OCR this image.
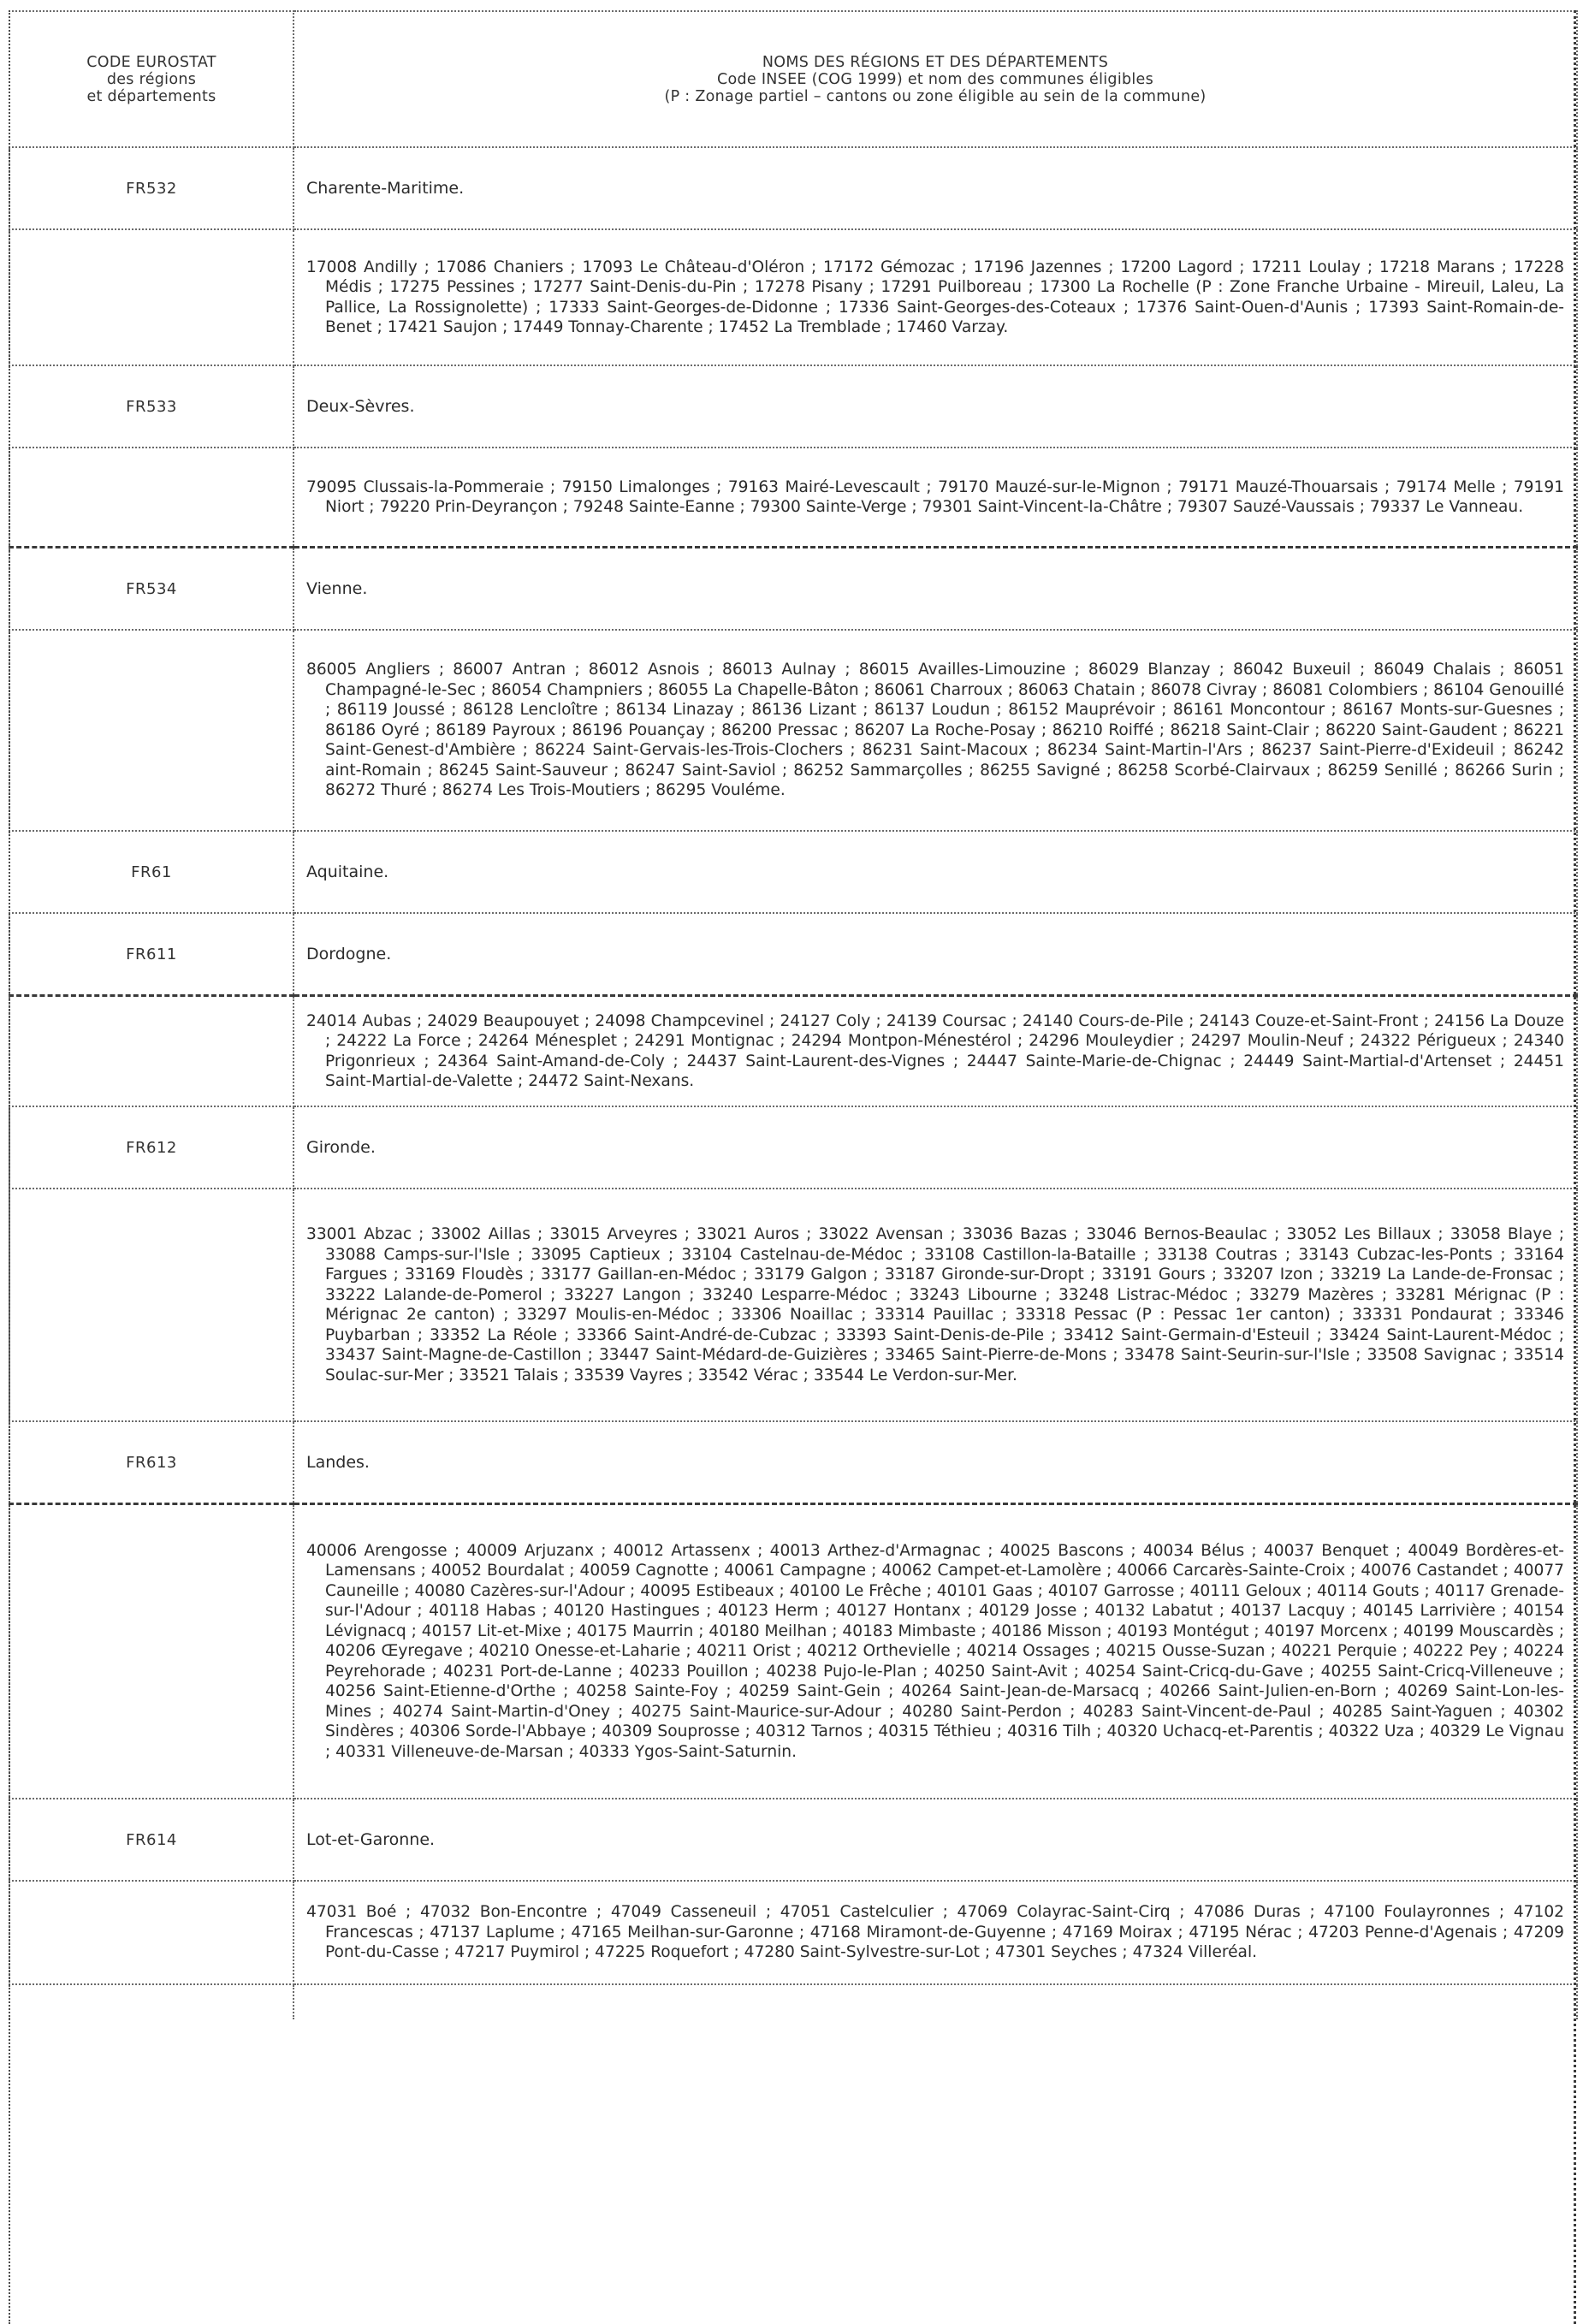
CODE EUROSTAT
des régions
et départements	NOMS DES RÉGIONS ET DES DÉPARTEMENTS
Code INSEE (COG 1999) et nom des communes éligibles
(P : Zonage partiel – cantons ou zone éligible au sein de la commune)

FR532	Charente-Maritime.

	17008 Andilly ; 17086 Chaniers ; 17093 Le Château-d'Oléron ; 17172 Gémozac ; 17196 Jazennes ; 17200 Lagord ; 17211 Loulay ; 17218 Marans ; 17228 Médis ; 17275 Pessines ; 17277 Saint-Denis-du-Pin ; 17278 Pisany ; 17291 Puilboreau ; 17300 La Rochelle (P : Zone Franche Urbaine - Mireuil, Laleu, La Pallice, La Rossignolette) ; 17333 Saint-Georges-de-Didonne ; 17336 Saint-Georges-des-Coteaux ; 17376 Saint-Ouen-d'Aunis ; 17393 Saint-Romain-de-Benet ; 17421 Saujon ; 17449 Tonnay-Charente ; 17452 La Tremblade ; 17460 Varzay.

FR533	Deux-Sèvres.

	79095 Clussais-la-Pommeraie ; 79150 Limalonges ; 79163 Mairé-Levescault ; 79170 Mauzé-sur-le-Mignon ; 79171 Mauzé-Thouarsais ; 79174 Melle ; 79191 Niort ; 79220 Prin-Deyrançon ; 79248 Sainte-Eanne ; 79300 Sainte-Verge ; 79301 Saint-Vincent-la-Châtre ; 79307 Sauzé-Vaussais ; 79337 Le Vanneau.

FR534	Vienne.

	86005 Angliers ; 86007 Antran ; 86012 Asnois ; 86013 Aulnay ; 86015 Availles-Limouzine ; 86029 Blanzay ; 86042 Buxeuil ; 86049 Chalais ; 86051 Champagné-le-Sec ; 86054 Champniers ; 86055 La Chapelle-Bâton ; 86061 Charroux ; 86063 Chatain ; 86078 Civray ; 86081 Colombiers ; 86104 Genouillé ; 86119 Joussé ; 86128 Lencloître ; 86134 Linazay ; 86136 Lizant ; 86137 Loudun ; 86152 Mauprévoir ; 86161 Moncontour ; 86167 Monts-sur-Guesnes ; 86186 Oyré ; 86189 Payroux ; 86196 Pouançay ; 86200 Pressac ; 86207 La Roche-Posay ; 86210 Roiffé ; 86218 Saint-Clair ; 86220 Saint-Gaudent ; 86221 Saint-Genest-d'Ambière ; 86224 Saint-Gervais-les-Trois-Clochers ; 86231 Saint-Macoux ; 86234 Saint-Martin-l'Ars ; 86237 Saint-Pierre-d'Exideuil ; 86242 aint-Romain ; 86245 Saint-Sauveur ; 86247 Saint-Saviol ; 86252 Sammarçolles ; 86255 Savigné ; 86258 Scorbé-Clairvaux ; 86259 Senillé ; 86266 Surin ; 86272 Thuré ; 86274 Les Trois-Moutiers ; 86295 Vouléme.

FR61	Aquitaine.
FR611	Dordogne.

	24014 Aubas ; 24029 Beaupouyet ; 24098 Champcevinel ; 24127 Coly ; 24139 Coursac ; 24140 Cours-de-Pile ; 24143 Couze-et-Saint-Front ; 24156 La Douze ; 24222 La Force ; 24264 Ménesplet ; 24291 Montignac ; 24294 Montpon-Ménestérol ; 24296 Mouleydier ; 24297 Moulin-Neuf ; 24322 Périgueux ; 24340 Prigonrieux ; 24364 Saint-Amand-de-Coly ; 24437 Saint-Laurent-des-Vignes ; 24447 Sainte-Marie-de-Chignac ; 24449 Saint-Martial-d'Artenset ; 24451 Saint-Martial-de-Valette ; 24472 Saint-Nexans.

FR612	Gironde.

	33001 Abzac ; 33002 Aillas ; 33015 Arveyres ; 33021 Auros ; 33022 Avensan ; 33036 Bazas ; 33046 Bernos-Beaulac ; 33052 Les Billaux ; 33058 Blaye ; 33088 Camps-sur-l'Isle ; 33095 Captieux ; 33104 Castelnau-de-Médoc ; 33108 Castillon-la-Bataille ; 33138 Coutras ; 33143 Cubzac-les-Ponts ; 33164 Fargues ; 33169 Floudès ; 33177 Gaillan-en-Médoc ; 33179 Galgon ; 33187 Gironde-sur-Dropt ; 33191 Gours ; 33207 Izon ; 33219 La Lande-de-Fronsac ; 33222 Lalande-de-Pomerol ; 33227 Langon ; 33240 Lesparre-Médoc ; 33243 Libourne ; 33248 Listrac-Médoc ; 33279 Mazères ; 33281 Mérignac (P : Mérignac 2e canton) ; 33297 Moulis-en-Médoc ; 33306 Noaillac ; 33314 Pauillac ; 33318 Pessac (P : Pessac 1er canton) ; 33331 Pondaurat ; 33346 Puybarban ; 33352 La Réole ; 33366 Saint-André-de-Cubzac ; 33393 Saint-Denis-de-Pile ; 33412 Saint-Germain-d'Esteuil ; 33424 Saint-Laurent-Médoc ; 33437 Saint-Magne-de-Castillon ; 33447 Saint-Médard-de-Guizières ; 33465 Saint-Pierre-de-Mons ; 33478 Saint-Seurin-sur-l'Isle ; 33508 Savignac ; 33514 Soulac-sur-Mer ; 33521 Talais ; 33539 Vayres ; 33542 Vérac ; 33544 Le Verdon-sur-Mer.

FR613	Landes.

	40006 Arengosse ; 40009 Arjuzanx ; 40012 Artassenx ; 40013 Arthez-d'Armagnac ; 40025 Bascons ; 40034 Bélus ; 40037 Benquet ; 40049 Bordères-et-Lamensans ; 40052 Bourdalat ; 40059 Cagnotte ; 40061 Campagne ; 40062 Campet-et-Lamolère ; 40066 Carcarès-Sainte-Croix ; 40076 Castandet ; 40077 Cauneille ; 40080 Cazères-sur-l'Adour ; 40095 Estibeaux ; 40100 Le Frêche ; 40101 Gaas ; 40107 Garrosse ; 40111 Geloux ; 40114 Gouts ; 40117 Grenade-sur-l'Adour ; 40118 Habas ; 40120 Hastingues ; 40123 Herm ; 40127 Hontanx ; 40129 Josse ; 40132 Labatut ; 40137 Lacquy ; 40145 Larrivière ; 40154 Lévignacq ; 40157 Lit-et-Mixe ; 40175 Maurrin ; 40180 Meilhan ; 40183 Mimbaste ; 40186 Misson ; 40193 Montégut ; 40197 Morcenx ; 40199 Mouscardès ; 40206 Œyregave ; 40210 Onesse-et-Laharie ; 40211 Orist ; 40212 Orthevielle ; 40214 Ossages ; 40215 Ousse-Suzan ; 40221 Perquie ; 40222 Pey ; 40224 Peyrehorade ; 40231 Port-de-Lanne ; 40233 Pouillon ; 40238 Pujo-le-Plan ; 40250 Saint-Avit ; 40254 Saint-Cricq-du-Gave ; 40255 Saint-Cricq-Villeneuve ; 40256 Saint-Etienne-d'Orthe ; 40258 Sainte-Foy ; 40259 Saint-Gein ; 40264 Saint-Jean-de-Marsacq ; 40266 Saint-Julien-en-Born ; 40269 Saint-Lon-les-Mines ; 40274 Saint-Martin-d'Oney ; 40275 Saint-Maurice-sur-Adour ; 40280 Saint-Perdon ; 40283 Saint-Vincent-de-Paul ; 40285 Saint-Yaguen ; 40302 Sindères ; 40306 Sorde-l'Abbaye ; 40309 Souprosse ; 40312 Tarnos ; 40315 Téthieu ; 40316 Tilh ; 40320 Uchacq-et-Parentis ; 40322 Uza ; 40329 Le Vignau ; 40331 Villeneuve-de-Marsan ; 40333 Ygos-Saint-Saturnin.

FR614	Lot-et-Garonne.

	47031 Boé ; 47032 Bon-Encontre ; 47049 Casseneuil ; 47051 Castelculier ; 47069 Colayrac-Saint-Cirq ; 47086 Duras ; 47100 Foulayronnes ; 47102 Francescas ; 47137 Laplume ; 47165 Meilhan-sur-Garonne ; 47168 Miramont-de-Guyenne ; 47169 Moirax ; 47195 Nérac ; 47203 Penne-d'Agenais ; 47209 Pont-du-Casse ; 47217 Puymirol ; 47225 Roquefort ; 47280 Saint-Sylvestre-sur-Lot ; 47301 Seyches ; 47324 Villeréal.
